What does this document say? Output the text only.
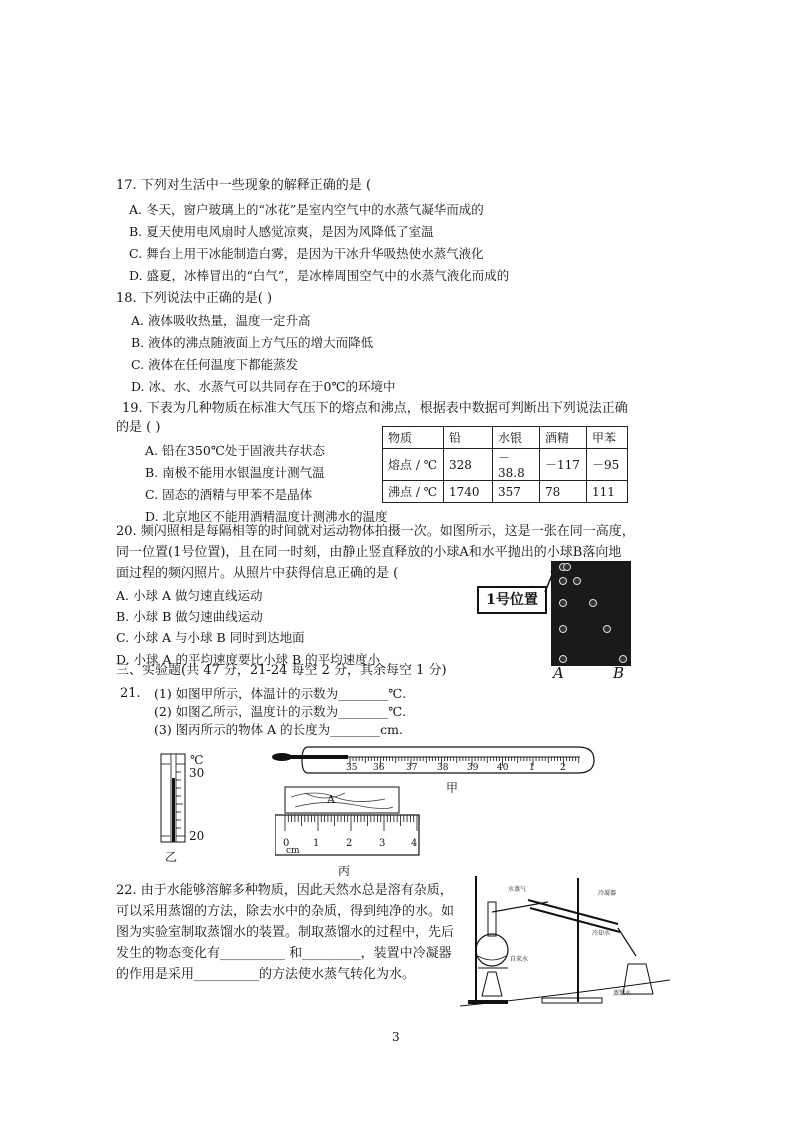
17. 下列对生活中一些现象的解释正确的是 (
A. 冬天，窗户玻璃上的“冰花”是室内空气中的水蒸气凝华而成的
B. 夏天使用电风扇时人感觉凉爽，是因为风降低了室温
C. 舞台上用干冰能制造白雾，是因为干冰升华吸热使水蒸气液化
D. 盛夏，冰棒冒出的“白气”，是冰棒周围空气中的水蒸气液化而成的
18. 下列说法中正确的是( )
A. 液体吸收热量，温度一定升高
B. 液体的沸点随液面上方气压的增大而降低
C. 液体在任何温度下都能蒸发
D. 冰、水、水蒸气可以共同存在于0℃的环境中
19. 下表为几种物质在标准大气压下的熔点和沸点，根据表中数据可判断出下列说法正确
的是 ( )
A. 铅在350℃处于固液共存状态
B. 南极不能用水银温度计测气温
C. 固态的酒精与甲苯不是晶体
D. 北京地区不能用酒精温度计测沸水的温度
物质	铅	水银	酒精	甲苯
熔点 / ℃	328	－38.8	－117	－95
沸点 / ℃	1740	357	78	111
20. 频闪照相是每隔相等的时间就对运动物体拍摄一次。如图所示，这是一张在同一高度，
同一位置(1号位置)，且在同一时刻，由静止竖直释放的小球A和水平抛出的小球B落向地
面过程的频闪照片。从照片中获得信息正确的是 (
A. 小球 A 做匀速直线运动
B. 小球 B 做匀速曲线运动
C. 小球 A 与小球 B 同时到达地面
D. 小球 A 的平均速度要比小球 B 的平均速度小
1号位置
A	B
三、实验题(共 47 分，21-24 每空 2 分，其余每空 1 分)
21. (1) 如图甲所示，体温计的示数为________℃.
(2) 如图乙所示，温度计的示数为________℃.
(3) 图丙所示的物体 A 的长度为________cm.
℃
30
20
乙
35 36 37 38 39 40 1	2
甲
A
0 1	2	3	4
cm
丙
22. 由于水能够溶解多种物质，因此天然水总是溶有杂质，
可以采用蒸馏的方法，除去水中的杂质，得到纯净的水。如
图为实验室制取蒸馏水的装置。制取蒸馏水的过程中，先后
发生的物态变化有__________ 和_________，装置中冷凝器
的作用是采用__________的方法使水蒸气转化为水。
水蒸气
冷凝器
冷却水
自来水
蒸馏水
3
